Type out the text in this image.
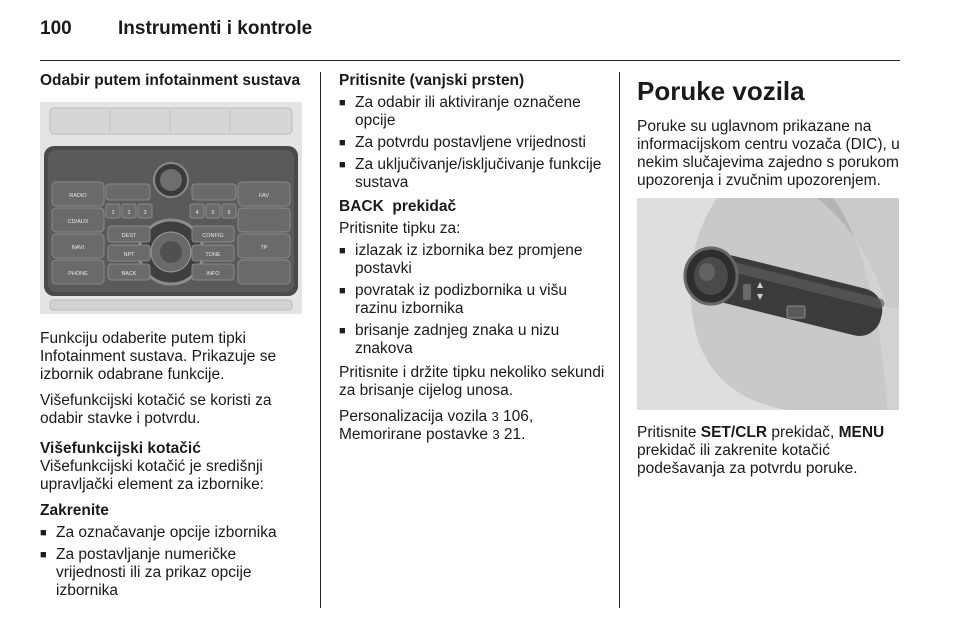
100 Instrumenti i kontrole
Odabir putem infotainment sustava
RADIO
CD/AUX
NAVI
PHONE
DEST	CONFIG
NPT	TONE
BACK	INFO
FAV
TP
1 2 3	4 5 6

Funkciju odaberite putem tipki Infotainment sustava. Prikazuje se izbornik odabrane funkcije.

Višefunkcijski kotačić se koristi za odabir stavke i potvrdu.

Višefunkcijski kotačić

Višefunkcijski kotačić je središnji upravljački element za izbornike:

Zakrenite
■ Za označavanje opcije izbornika
■ Za postavljanje numeričke vrijednosti ili za prikaz opcije izbornika
Pritisnite (vanjski prsten)
■ Za odabir ili aktiviranje označene opcije
■ Za potvrdu postavljene vrijednosti
■ Za uključivanje/isključivanje funkcije sustava
BACK  prekidač

Pritisnite tipku za:

■ izlazak iz izbornika bez promjene postavki
■ povratak iz podizbornika u višu razinu izbornika
■ brisanje zadnjeg znaka u nizu znakova

Pritisnite i držite tipku nekoliko sekundi za brisanje cijelog unosa.

Personalizacija vozila 3 106,

Memorirane postavke 3 21.

Poruke vozila

Poruke su uglavnom prikazane na informacijskom centru vozača (DIC), u nekim slučajevima zajedno s porukom upozorenja i zvučnim upozorenjem.

Pritisnite SET/CLR prekidač, MENU prekidač ili zakrenite kotačić podešavanja za potvrdu poruke.
